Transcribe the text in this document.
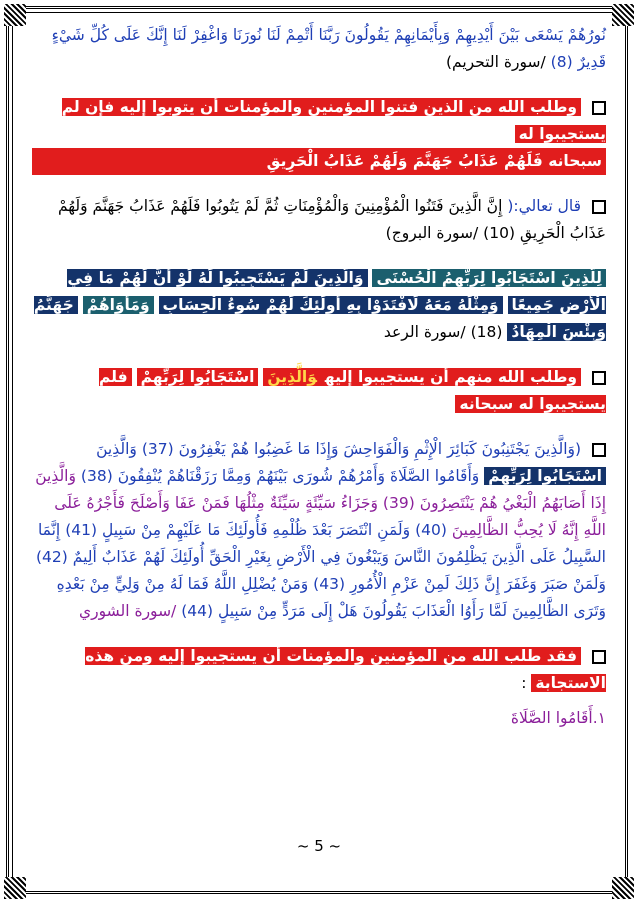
نُورُهُمْ يَسْعَى بَيْنَ أَيْدِيهِمْ وَبِأَيْمَانِهِمْ يَقُولُونَ رَبَّنَا أَتْمِمْ لَنَا نُورَنَا وَاغْفِرْ لَنَا إِنَّكَ عَلَى كُلِّ شَيْءٍ قَدِيرٌ (8) /سورة التحريم)

وطلب الله من الذين فتنوا المؤمنين والمؤمنات أن يتوبوا إليه فإن لم يستجيبوا له
سبحانه فَلَهُمْ عَذَابُ جَهَنَّمَ وَلَهُمْ عَذَابُ الْحَرِيقِ

قال تعالي:( إِنَّ الَّذِينَ فَتَنُوا الْمُؤْمِنِينَ وَالْمُؤْمِنَاتِ ثُمَّ لَمْ يَتُوبُوا فَلَهُمْ عَذَابُ جَهَنَّمَ وَلَهُمْ عَذَابُ الْحَرِيقِ (10) /سورة البروج)

لِلَّذِينَ اسْتَجَابُوا لِرَبِّهِمُ الْحُسْنَى وَالَّذِينَ لَمْ يَسْتَجِيبُوا لَهُ لَوْ أَنَّ لَهُمْ مَا فِي الْأَرْضِ جَمِيعًا وَمِثْلَهُ مَعَهُ لَافْتَدَوْا بِهِ أُولَئِكَ لَهُمْ سُوءُ الْحِسَابِ وَمَأْوَاهُمْ جَهَنَّمُ وَبِئْسَ الْمِهَادُ (18) /سورة الرعد

وطلب الله منهم أن يستجيبوا إليهوَالَّذِينَ اسْتَجَابُوا لِرَبِّهِمْ فلم يستجيبوا له سبحانه

(وَالَّذِينَ يَجْتَنِبُونَ كَبَائِرَ الْإِثْمِ وَالْفَوَاحِشَ وَإِذَا مَا غَضِبُوا هُمْ يَغْفِرُونَ (37) وَالَّذِينَ اسْتَجَابُوا لِرَبِّهِمْ وَأَقَامُوا الصَّلَاةَ وَأَمْرُهُمْ شُورَى بَيْنَهُمْ وَمِمَّا رَزَقْنَاهُمْ يُنْفِقُونَ (38) وَالَّذِينَ إِذَا أَصَابَهُمُ الْبَغْيُ هُمْ يَنْتَصِرُونَ (39) وَجَزَاءُ سَيِّئَةٍ سَيِّئَةٌ مِثْلُهَا فَمَنْ عَفَا وَأَصْلَحَ فَأَجْرُهُ عَلَى اللَّهِ إِنَّهُ لَا يُحِبُّ الظَّالِمِينَ (40) وَلَمَنِ انْتَصَرَ بَعْدَ ظُلْمِهِ فَأُولَئِكَ مَا عَلَيْهِمْ مِنْ سَبِيلٍ (41) إِنَّمَا السَّبِيلُ عَلَى الَّذِينَ يَظْلِمُونَ النَّاسَ وَيَبْغُونَ فِي الْأَرْضِ بِغَيْرِ الْحَقِّ أُولَئِكَ لَهُمْ عَذَابٌ أَلِيمٌ (42) وَلَمَنْ صَبَرَ وَغَفَرَ إِنَّ ذَلِكَ لَمِنْ عَزْمِ الْأُمُورِ (43) وَمَنْ يُضْلِلِ اللَّهُ فَمَا لَهُ مِنْ وَلِيٍّ مِنْ بَعْدِهِ وَتَرَى الظَّالِمِينَ لَمَّا رَأَوُا الْعَذَابَ يَقُولُونَ هَلْ إِلَى مَرَدٍّ مِنْ سَبِيلٍ (44) /سورة الشوري

فقد طلب الله من المؤمنين والمؤمنات أن يستجيبوا إليه ومن هذه الاستجابة :

١.أَقَامُوا الصَّلَاةَ

~ 5 ~
